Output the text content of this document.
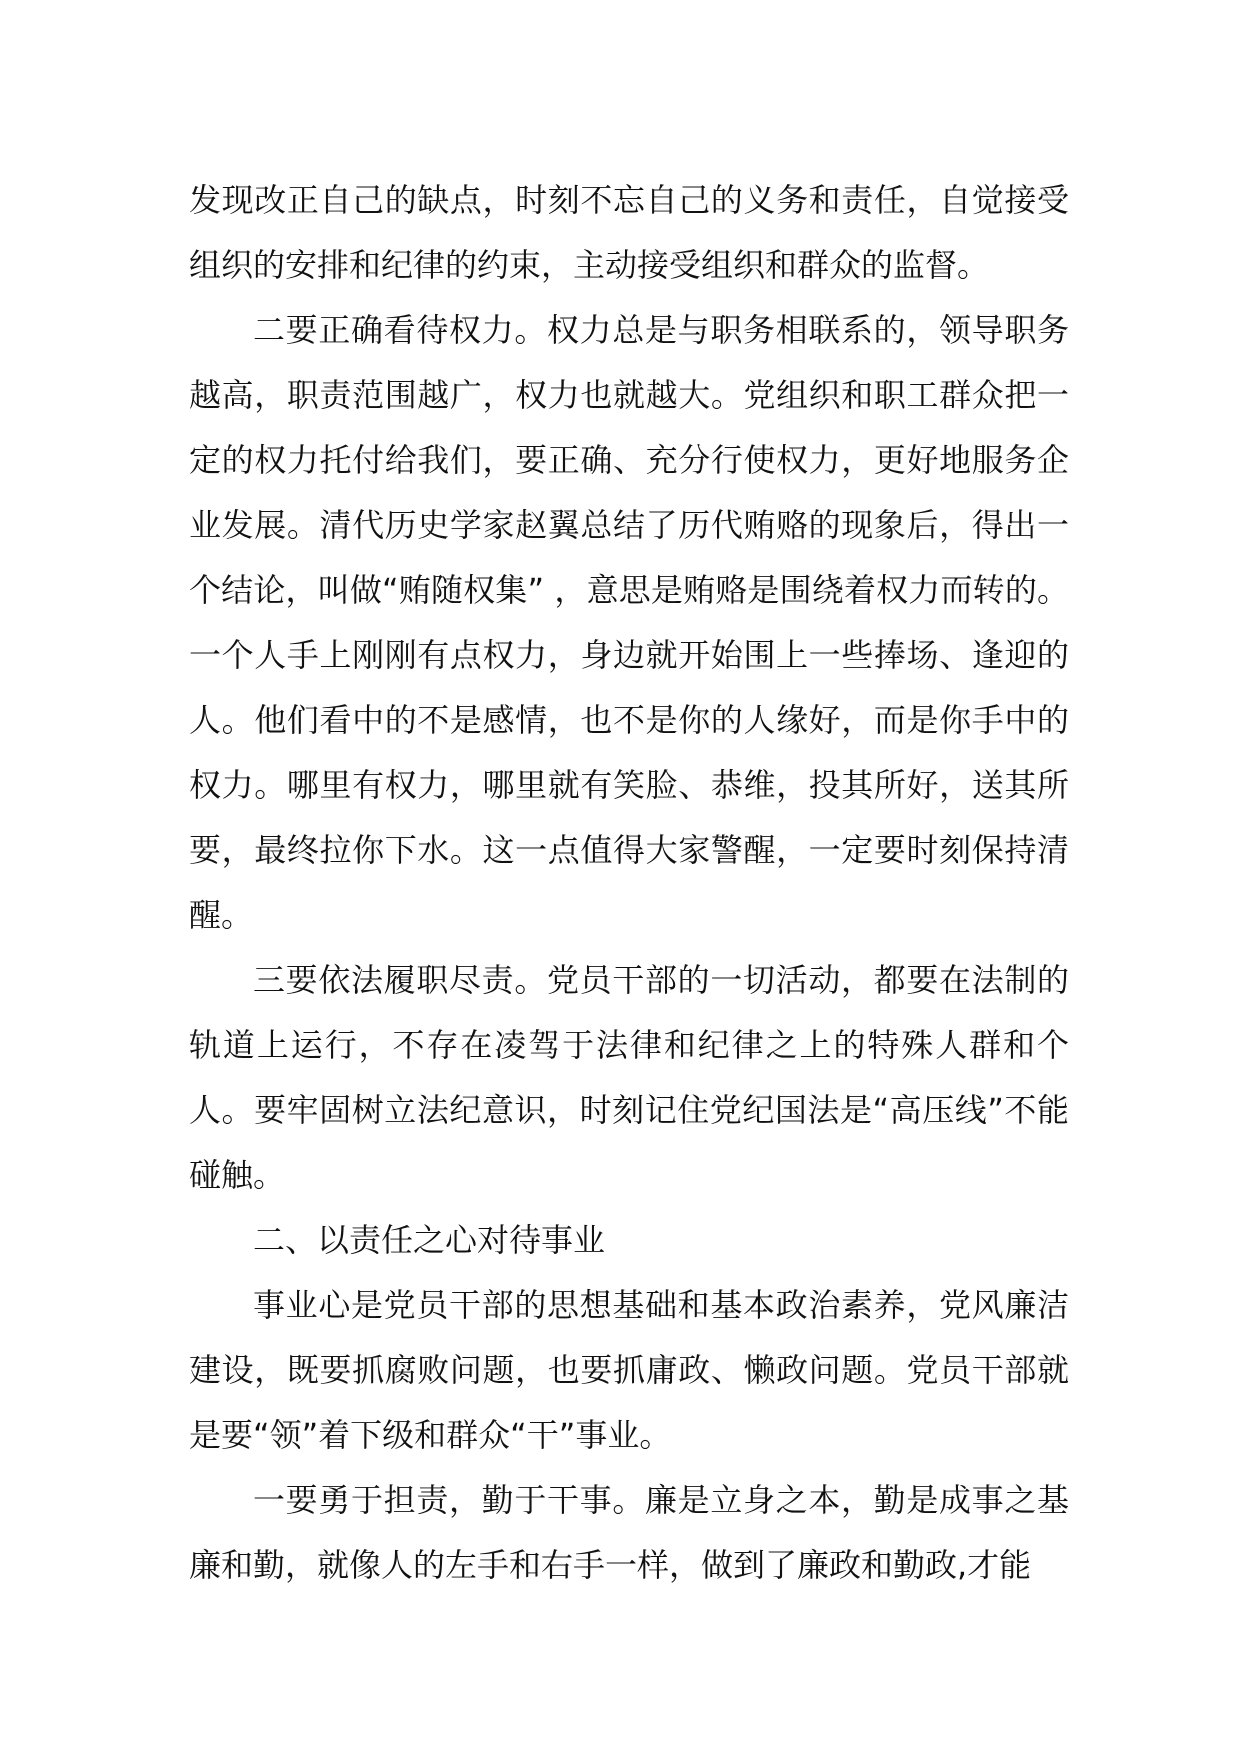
发现改正自己的缺点，时刻不忘自己的义务和责任，自觉接受组织的安排和纪律的约束，主动接受组织和群众的监督。

二要正确看待权力。权力总是与职务相联系的，领导职务越高，职责范围越广，权力也就越大。党组织和职工群众把一定的权力托付给我们，要正确、充分行使权力，更好地服务企业发展。清代历史学家赵翼总结了历代贿赂的现象后，得出一个结论，叫做“贿随权集” ，意思是贿赂是围绕着权力而转的。一个人手上刚刚有点权力，身边就开始围上一些捧场、逢迎的人。他们看中的不是感情，也不是你的人缘好，而是你手中的权力。哪里有权力，哪里就有笑脸、恭维，投其所好，送其所要，最终拉你下水。这一点值得大家警醒，一定要时刻保持清醒。

三要依法履职尽责。党员干部的一切活动，都要在法制的轨道上运行，不存在凌驾于法律和纪律之上的特殊人群和个人。要牢固树立法纪意识，时刻记住党纪国法是“高压线”不能碰触。

二、以责任之心对待事业

事业心是党员干部的思想基础和基本政治素养，党风廉洁建设，既要抓腐败问题，也要抓庸政、懒政问题。党员干部就是要“领”着下级和群众“干”事业。

一要勇于担责，勤于干事。廉是立身之本，勤是成事之基廉和勤，就像人的左手和右手一样，做到了廉政和勤政,才能
